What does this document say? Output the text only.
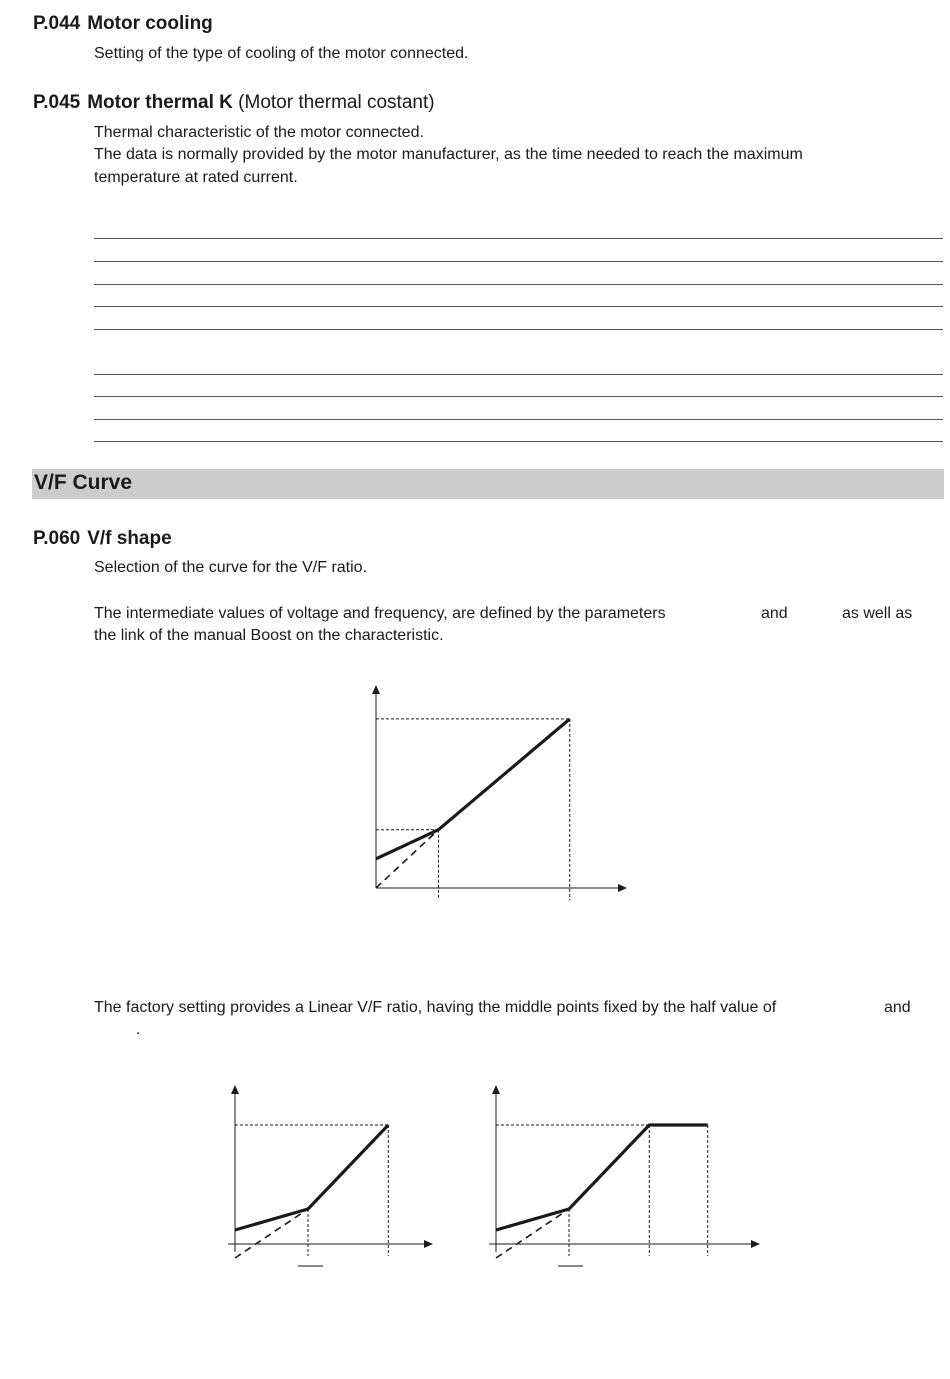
P.044 Motor cooling
Setting of the type of cooling of the motor connected.
P.045 Motor thermal K (Motor thermal costant)
Thermal characteristic of the motor connected.
The data is normally provided by the motor manufacturer, as the time needed to reach the maximum
temperature at rated current.
V/F Curve
P.060 V/f shape
Selection of the curve for the V/F ratio.
The intermediate values of voltage and frequency, are defined by the parameters	and	as well as
the link of the manual Boost on the characteristic.
The factory setting provides a Linear V/F ratio, having the middle points fixed by the half value of	and
.
